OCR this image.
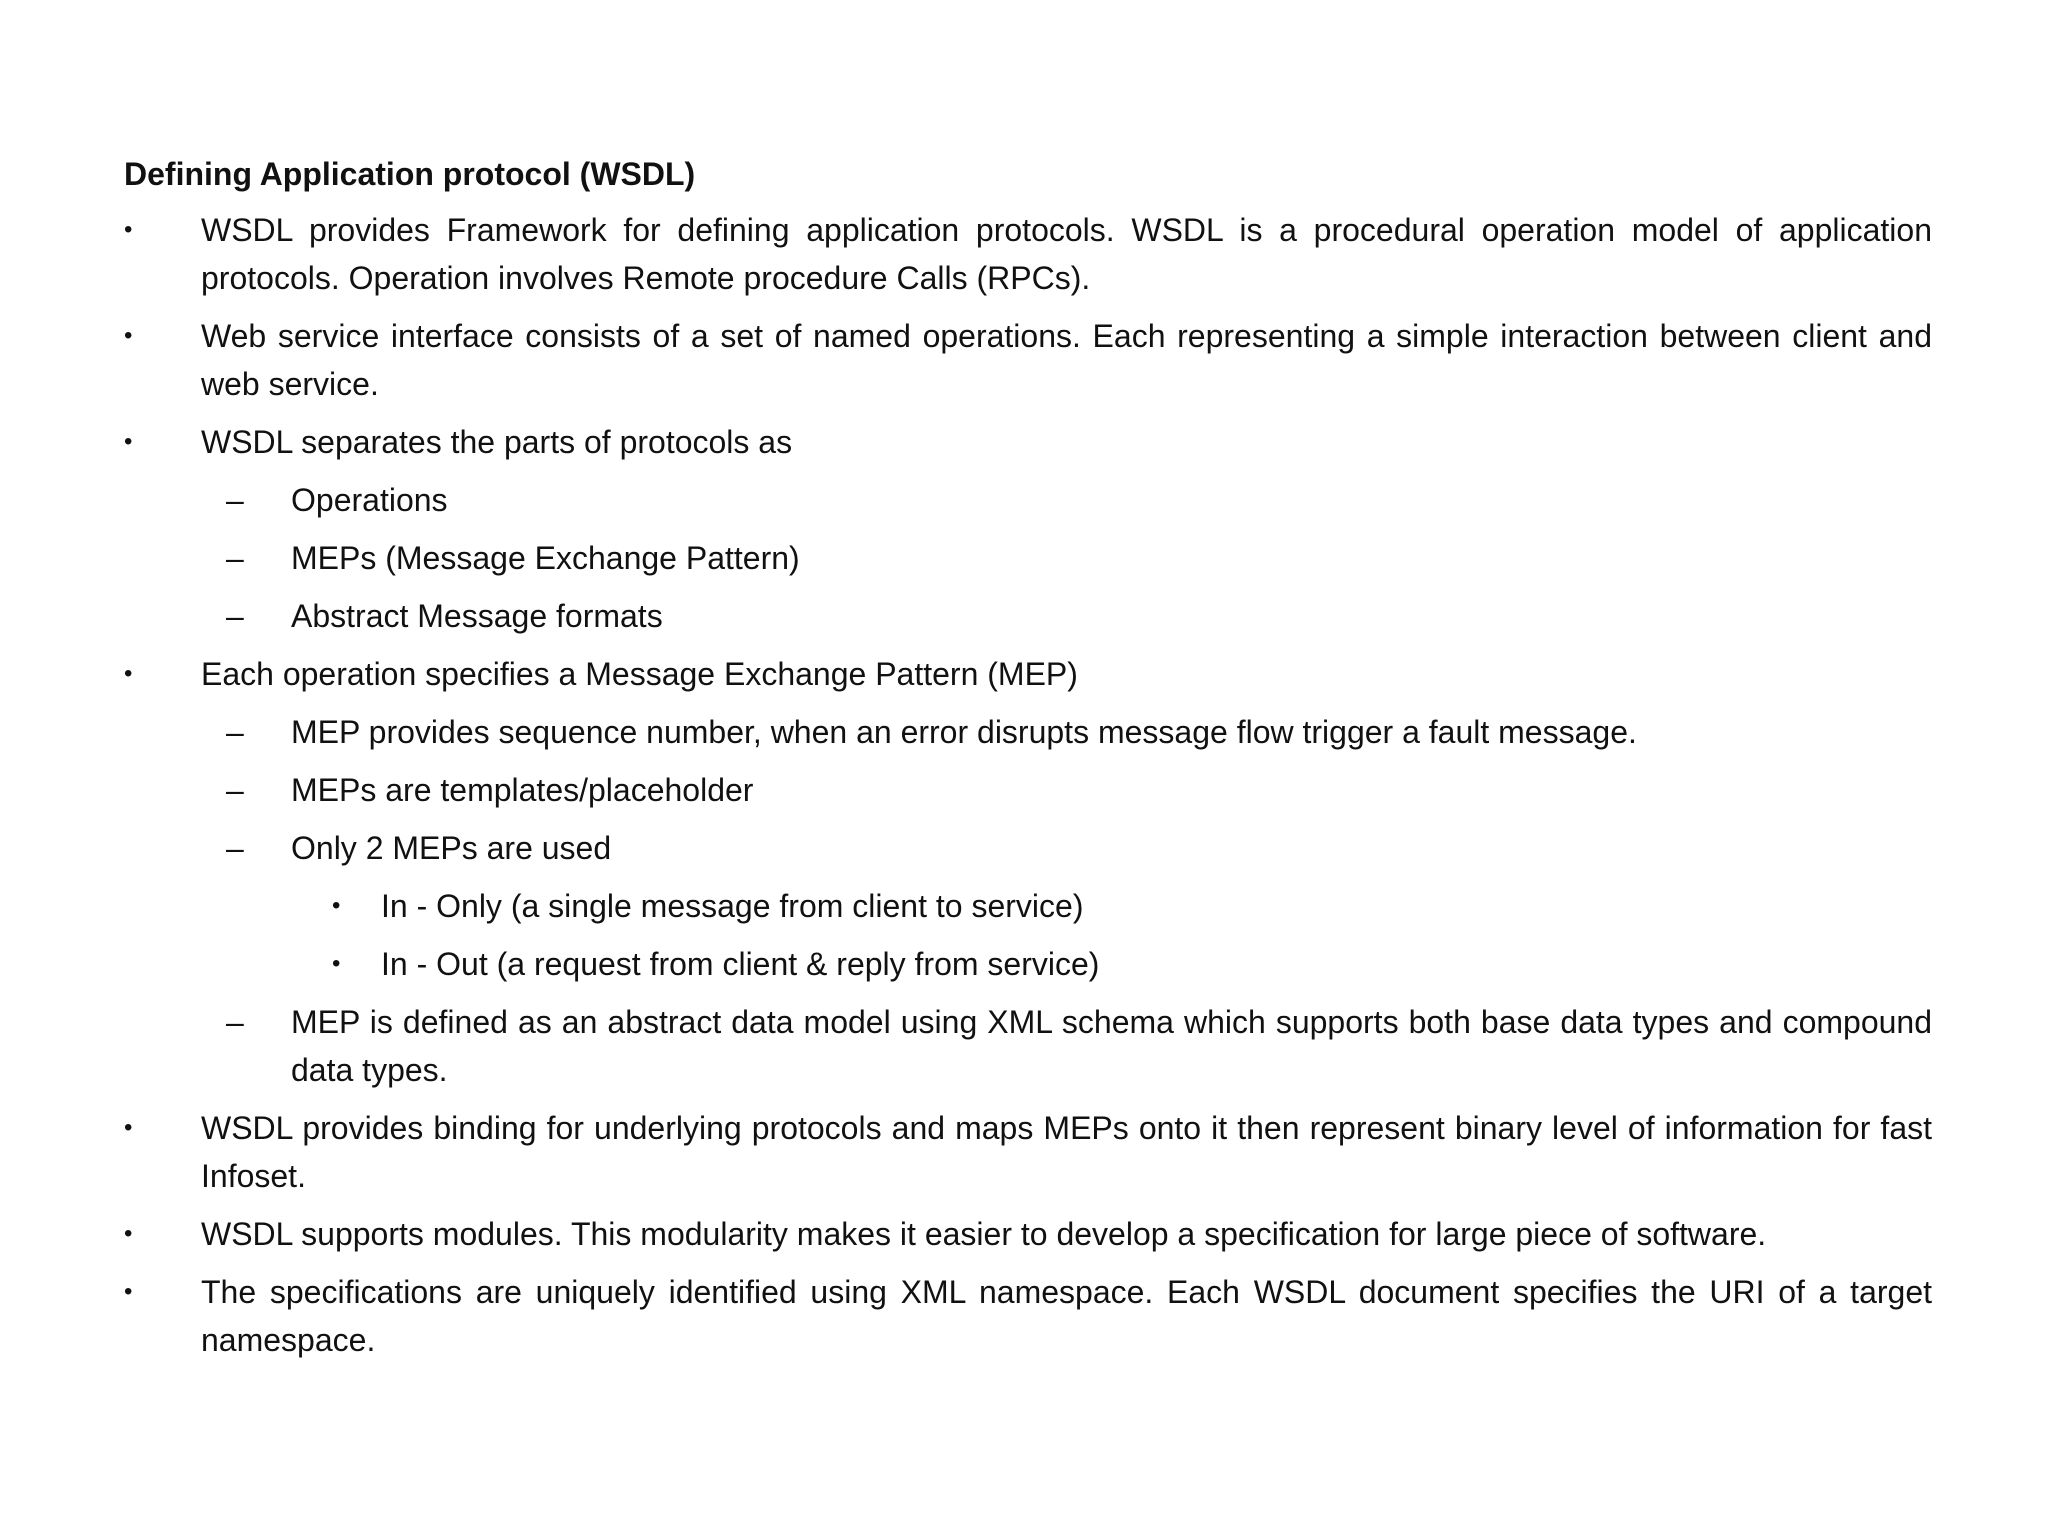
Defining Application protocol (WSDL)
• WSDL provides Framework for defining application protocols. WSDL is a procedural operation model of application protocols. Operation involves Remote procedure Calls (RPCs).
• Web service interface consists of a set of named operations. Each representing a simple interaction between client and web service.
• WSDL separates the parts of protocols as
– Operations
– MEPs (Message Exchange Pattern)
– Abstract Message formats
• Each operation specifies a Message Exchange Pattern (MEP)
– MEP provides sequence number, when an error disrupts message flow trigger a fault message.
– MEPs are templates/placeholder
– Only 2 MEPs are used
• In - Only (a single message from client to service)
• In - Out (a request from client & reply from service)
– MEP is defined as an abstract data model using XML schema which supports both base data types and compound data types.
• WSDL provides binding for underlying protocols and maps MEPs onto it then represent binary level of information for fast Infoset.
• WSDL supports modules. This modularity makes it easier to develop a specification for large piece of software.
• The specifications are uniquely identified using XML namespace. Each WSDL document specifies the URI of a target namespace.
